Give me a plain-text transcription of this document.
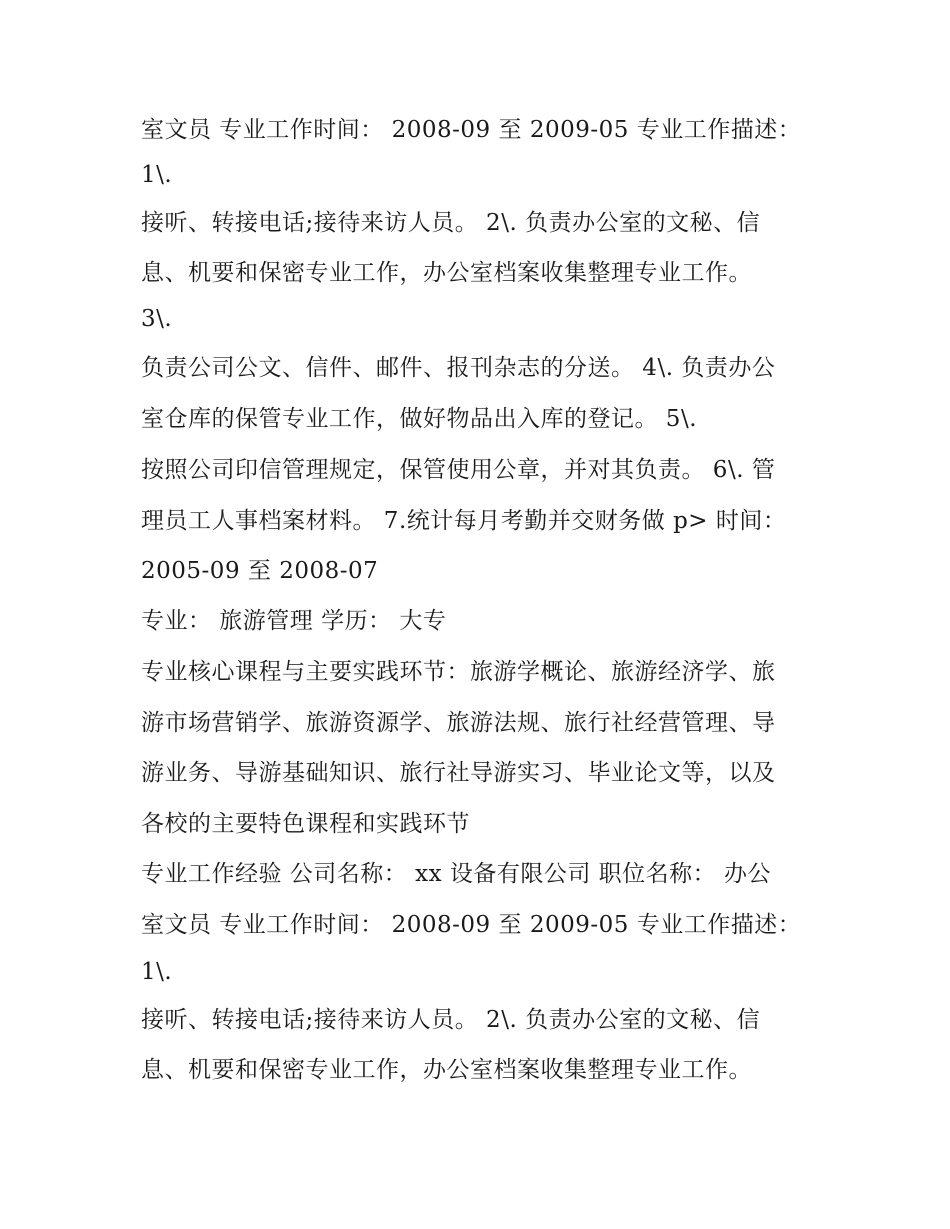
室文员 专业工作时间： 2008-09 至 2009-05 专业工作描述：
1\.
接听、转接电话;接待来访人员。 2\. 负责办公室的文秘、信
息、机要和保密专业工作，办公室档案收集整理专业工作。
3\.
负责公司公文、信件、邮件、报刊杂志的分送。 4\. 负责办公
室仓库的保管专业工作，做好物品出入库的登记。 5\.
按照公司印信管理规定，保管使用公章，并对其负责。 6\. 管
理员工人事档案材料。 7.统计每月考勤并交财务做 p> 时间：
2005-09 至 2008-07
专业： 旅游管理 学历： 大专
专业核心课程与主要实践环节：旅游学概论、旅游经济学、旅
游市场营销学、旅游资源学、旅游法规、旅行社经营管理、导
游业务、导游基础知识、旅行社导游实习、毕业论文等，以及
各校的主要特色课程和实践环节
专业工作经验 公司名称： xx 设备有限公司 职位名称： 办公
室文员 专业工作时间： 2008-09 至 2009-05 专业工作描述：
1\.
接听、转接电话;接待来访人员。 2\. 负责办公室的文秘、信
息、机要和保密专业工作，办公室档案收集整理专业工作。
